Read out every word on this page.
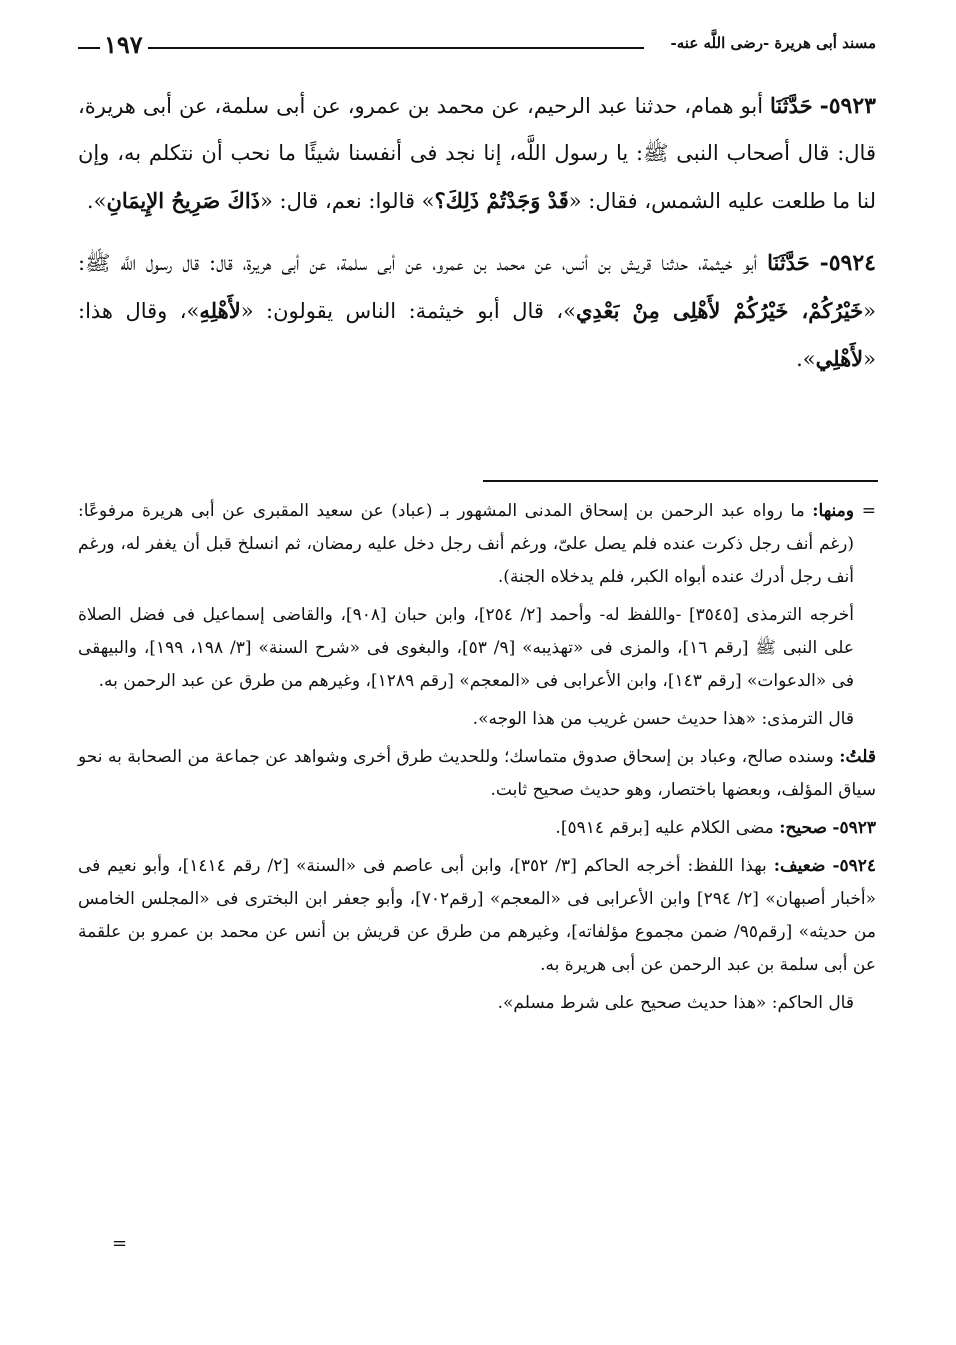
مسند أبى هريرة -رضى اللَّه عنه-
١٩٧

٥٩٢٣- حَدَّثَنَا أبو همام، حدثنا عبد الرحيم، عن محمد بن عمرو، عن أبى سلمة، عن أبى هريرة، قال: قال أصحاب النبى ﷺ: يا رسول اللَّه، إنا نجد فى أنفسنا شيئًا ما نحب أن نتكلم به، وإن لنا ما طلعت عليه الشمس، فقال: «قَدْ وَجَدْتُمْ ذَلِكَ؟» قالوا: نعم، قال: «ذَاكَ صَرِيحُ الإِيمَانِ».

٥٩٢٤- حَدَّثَنَا أبو خيثمة، حدثنا قريش بن أنس، عن محمد بن عمرو، عن أبى سلمة، عن أبى هريرة، قال: قال رسول اللَّه ﷺ: «خَيْرُكُمْ، خَيْرُكُمْ لأَهْلِى مِنْ بَعْدِي»، قال أبو خيثمة: الناس يقولون: «لأَهْلِهِ»، وقال هذا: «لأَهْلِي».

=ومنها: ما رواه عبد الرحمن بن إسحاق المدنى المشهور بـ (عباد) عن سعيد المقبرى عن أبى هريرة مرفوعًا: (رغم أنف رجل ذكرت عنده فلم يصل علىّ، ورغم أنف رجل دخل عليه رمضان، ثم انسلخ قبل أن يغفر له، ورغم أنف رجل أدرك عنده أبواه الكبر، فلم يدخلاه الجنة).

أخرجه الترمذى [٣٥٤٥] -واللفظ له- وأحمد [٢/ ٢٥٤]، وابن حبان [٩٠٨]، والقاضى إسماعيل فى فضل الصلاة على النبى ﷺ [رقم ١٦]، والمزى فى «تهذيبه» [٩/ ٥٣]، والبغوى فى «شرح السنة» [٣/ ١٩٨، ١٩٩]، والبيهقى فى «الدعوات» [رقم ١٤٣]، وابن الأعرابى فى «المعجم» [رقم ١٢٨٩]، وغيرهم من طرق عن عبد الرحمن به.

قال الترمذى: «هذا حديث حسن غريب من هذا الوجه».

قلتُ: وسنده صالح، وعباد بن إسحاق صدوق متماسك؛ وللحديث طرق أخرى وشواهد عن جماعة من الصحابة به نحو سياق المؤلف، وبعضها باختصار، وهو حديث صحيح ثابت.

٥٩٢٣- صحيح: مضى الكلام عليه [برقم ٥٩١٤].

٥٩٢٤- ضعيف: بهذا اللفظ: أخرجه الحاكم [٣/ ٣٥٢]، وابن أبى عاصم فى «السنة» [٢/ رقم ١٤١٤]، وأبو نعيم فى «أخبار أصبهان» [٢/ ٢٩٤] وابن الأعرابى فى «المعجم» [رقم٧٠٢]، وأبو جعفر ابن البخترى فى «المجلس الخامس من حديثه» [رقم٩٥/ ضمن مجموع مؤلفاته]، وغيرهم من طرق عن قريش بن أنس عن محمد بن عمرو بن علقمة عن أبى سلمة بن عبد الرحمن عن أبى هريرة به.

قال الحاكم: «هذا حديث صحيح على شرط مسلم».

=
